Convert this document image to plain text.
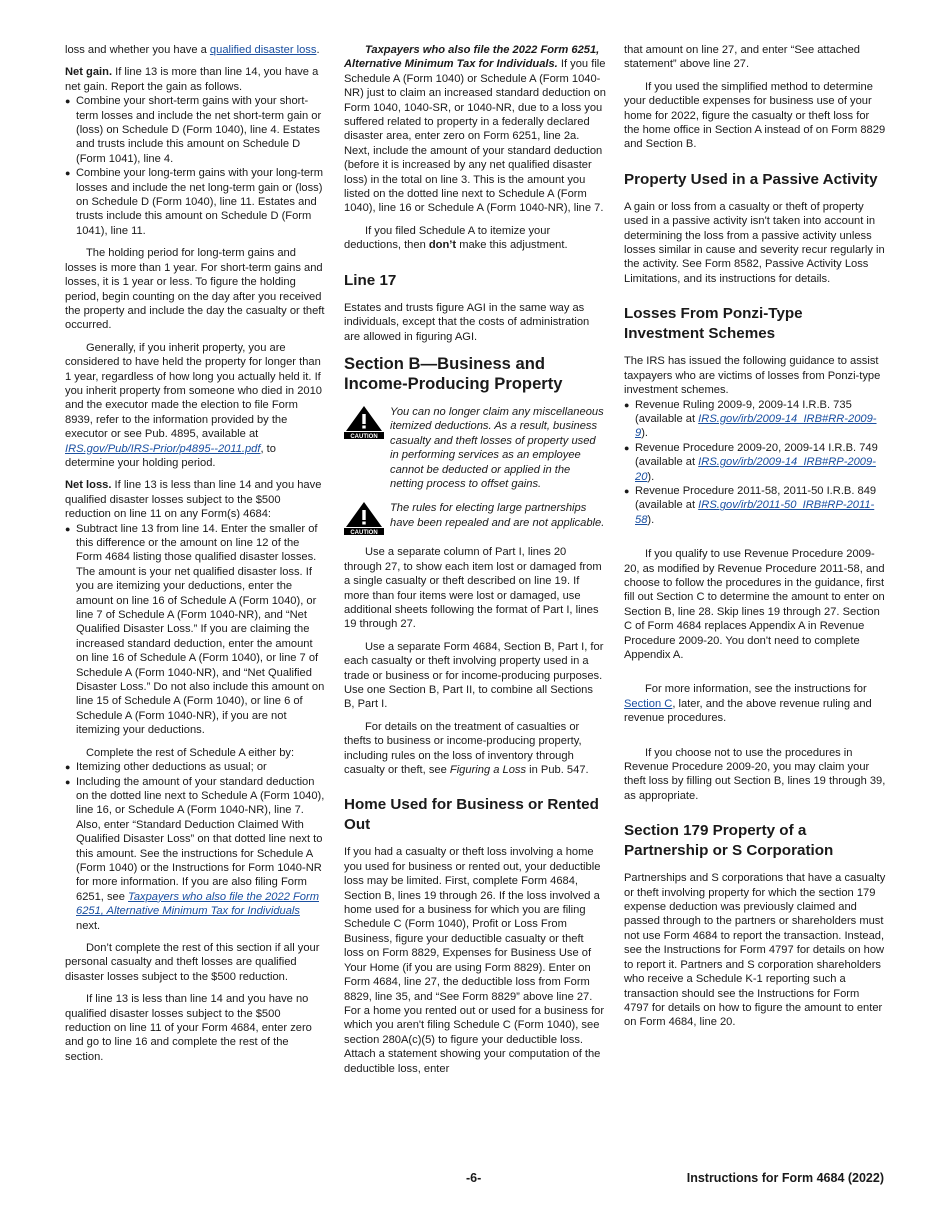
loss and whether you have a qualified disaster loss.

Net gain. If line 13 is more than line 14, you have a net gain. Report the gain as follows.

● Combine your short-term gains with your short-term losses and include the net short-term gain or (loss) on Schedule D (Form 1040), line 4. Estates and trusts include this amount on Schedule D (Form 1041), line 4.
● Combine your long-term gains with your long-term losses and include the net long-term gain or (loss) on Schedule D (Form 1040), line 11. Estates and trusts include this amount on Schedule D (Form 1041), line 11.

The holding period for long-term gains and losses is more than 1 year. For short-term gains and losses, it is 1 year or less. To figure the holding period, begin counting on the day after you received the property and include the day the casualty or theft occurred.

Generally, if you inherit property, you are considered to have held the property for longer than 1 year, regardless of how long you actually held it. If you inherit property from someone who died in 2010 and the executor made the election to file Form 8939, refer to the information provided by the executor or see Pub. 4895, available at IRS.gov/Pub/IRS-Prior/p4895--2011.pdf, to determine your holding period.

Net loss. If line 13 is less than line 14 and you have qualified disaster losses subject to the $500 reduction on line 11 on any Form(s) 4684:

● Subtract line 13 from line 14. Enter the smaller of this difference or the amount on line 12 of the Form 4684 listing those qualified disaster losses. The amount is your net qualified disaster loss. If you are itemizing your deductions, enter the amount on line 16 of Schedule A (Form 1040), or line 7 of Schedule A (Form 1040-NR), and “Net Qualified Disaster Loss.” If you are claiming the increased standard deduction, enter the amount on line 16 of Schedule A (Form 1040), or line 7 of Schedule A (Form 1040-NR), and “Net Qualified Disaster Loss.” Do not also include this amount on line 15 of Schedule A (Form 1040), or line 6 of Schedule A (Form 1040-NR), if you are not itemizing your deductions.

Complete the rest of Schedule A either by:

● Itemizing other deductions as usual; or
● Including the amount of your standard deduction on the dotted line next to Schedule A (Form 1040), line 16, or Schedule A (Form 1040-NR), line 7. Also, enter “Standard Deduction Claimed With Qualified Disaster Loss” on that dotted line next to this amount. See the instructions for Schedule A (Form 1040) or the Instructions for Form 1040-NR for more information. If you are also filing Form 6251, see Taxpayers who also file the 2022 Form 6251, Alternative Minimum Tax for Individuals next.

Don’t complete the rest of this section if all your personal casualty and theft losses are qualified disaster losses subject to the $500 reduction.

If line 13 is less than line 14 and you have no qualified disaster losses subject to the $500 reduction on line 11 of your Form 4684, enter zero and go to line 16 and complete the rest of the section.

Taxpayers who also file the 2022 Form 6251, Alternative Minimum Tax for Individuals. If you file Schedule A (Form 1040) or Schedule A (Form 1040-NR) just to claim an increased standard deduction on Form 1040, 1040-SR, or 1040-NR, due to a loss you suffered related to property in a federally declared disaster area, enter zero on Form 6251, line 2a. Next, include the amount of your standard deduction (before it is increased by any net qualified disaster loss) in the total on line 3. This is the amount you listed on the dotted line next to Schedule A (Form 1040), line 16 or Schedule A (Form 1040-NR), line 7.

If you filed Schedule A to itemize your deductions, then don’t make this adjustment.

Line 17

Estates and trusts figure AGI in the same way as individuals, except that the costs of administration are allowed in figuring AGI.

Section B—Business and Income-Producing Property
CAUTION
You can no longer claim any miscellaneous itemized deductions. As a result, business casualty and theft losses of property used in performing services as an employee cannot be deducted or applied in the netting process to offset gains.
CAUTION
The rules for electing large partnerships have been repealed and are not applicable.

Use a separate column of Part I, lines 20 through 27, to show each item lost or damaged from a single casualty or theft described on line 19. If more than four items were lost or damaged, use additional sheets following the format of Part I, lines 19 through 27.

Use a separate Form 4684, Section B, Part I, for each casualty or theft involving property used in a trade or business or for income-producing purposes. Use one Section B, Part II, to combine all Sections B, Part I.

For details on the treatment of casualties or thefts to business or income-producing property, including rules on the loss of inventory through casualty or theft, see Figuring a Loss in Pub. 547.

Home Used for Business or Rented Out

If you had a casualty or theft loss involving a home you used for business or rented out, your deductible loss may be limited. First, complete Form 4684, Section B, lines 19 through 26. If the loss involved a home used for a business for which you are filing Schedule C (Form 1040), Profit or Loss From Business, figure your deductible casualty or theft loss on Form 8829, Expenses for Business Use of Your Home (if you are using Form 8829). Enter on Form 4684, line 27, the deductible loss from Form 8829, line 35, and “See Form 8829” above line 27. For a home you rented out or used for a business for which you aren't filing Schedule C (Form 1040), see section 280A(c)(5) to figure your deductible loss. Attach a statement showing your computation of the deductible loss, enter

that amount on line 27, and enter “See attached statement” above line 27.

If you used the simplified method to determine your deductible expenses for business use of your home for 2022, figure the casualty or theft loss for the home office in Section A instead of on Form 8829 and Section B.

Property Used in a Passive Activity

A gain or loss from a casualty or theft of property used in a passive activity isn't taken into account in determining the loss from a passive activity unless losses similar in cause and severity recur regularly in the activity. See Form 8582, Passive Activity Loss Limitations, and its instructions for details.

Losses From Ponzi-Type Investment Schemes

The IRS has issued the following guidance to assist taxpayers who are victims of losses from Ponzi-type investment schemes.

● Revenue Ruling 2009-9, 2009-14 I.R.B. 735 (available at IRS.gov/irb/2009-14_IRB#RR-2009-9).
● Revenue Procedure 2009-20, 2009-14 I.R.B. 749 (available at IRS.gov/irb/2009-14_IRB#RP-2009-20).
● Revenue Procedure 2011-58, 2011-50 I.R.B. 849 (available at IRS.gov/irb/2011-50_IRB#RP-2011-58).

If you qualify to use Revenue Procedure 2009-20, as modified by Revenue Procedure 2011-58, and choose to follow the procedures in the guidance, first fill out Section C to determine the amount to enter on Section B, line 28. Skip lines 19 through 27. Section C of Form 4684 replaces Appendix A in Revenue Procedure 2009-20. You don't need to complete Appendix A.

For more information, see the instructions for Section C, later, and the above revenue ruling and revenue procedures.

If you choose not to use the procedures in Revenue Procedure 2009-20, you may claim your theft loss by filling out Section B, lines 19 through 39, as appropriate.

Section 179 Property of a Partnership or S Corporation

Partnerships and S corporations that have a casualty or theft involving property for which the section 179 expense deduction was previously claimed and passed through to the partners or shareholders must not use Form 4684 to report the transaction. Instead, see the Instructions for Form 4797 for details on how to report it. Partners and S corporation shareholders who receive a Schedule K-1 reporting such a transaction should see the Instructions for Form 4797 for details on how to figure the amount to enter on Form 4684, line 20.

-6-	Instructions for Form 4684 (2022)
